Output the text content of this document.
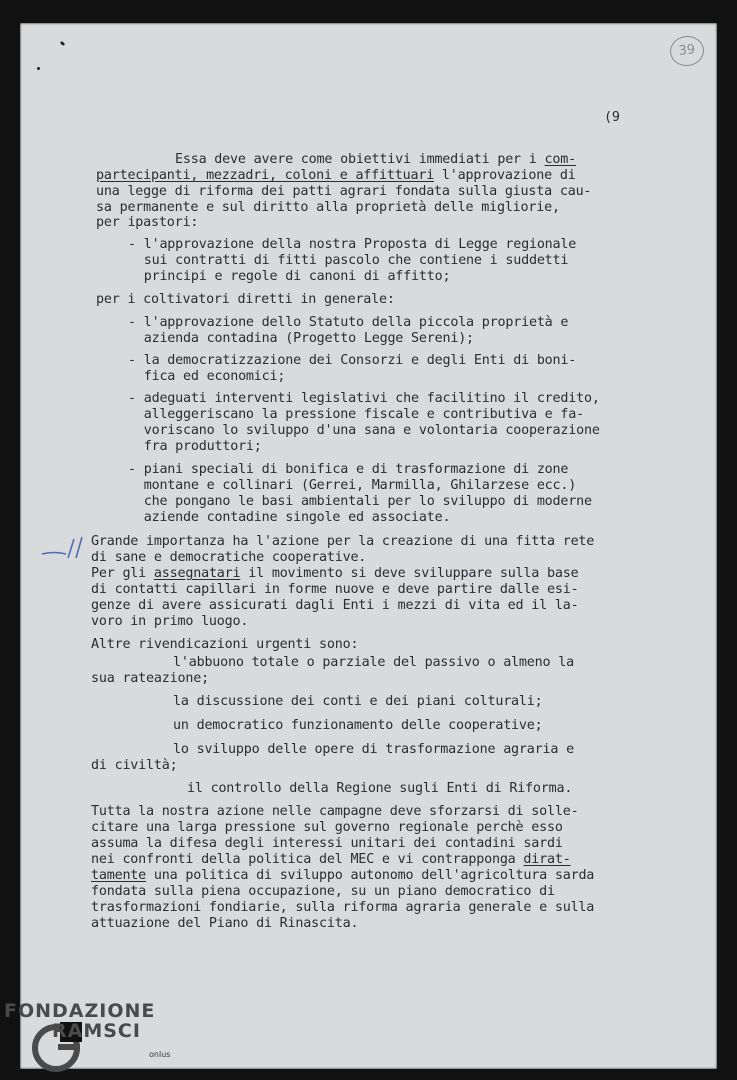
39
(9
Essa deve avere come obiettivi immediati per i com-
partecipanti, mezzadri, coloni e affittuari l'approvazione di
una legge di riforma dei patti agrari fondata sulla giusta cau-
sa permanente e sul diritto alla proprietà delle migliorie,
per ipastori:
- l'approvazione della nostra Proposta di Legge regionale
sui contratti di fitti pascolo che contiene i suddetti
principi e regole di canoni di affitto;
per i coltivatori diretti in generale:
- l'approvazione dello Statuto della piccola proprietà e
azienda contadina (Progetto Legge Sereni);
- la democratizzazione dei Consorzi e degli Enti di boni-
fica ed economici;
- adeguati interventi legislativi che facilitino il credito,
alleggeriscano la pressione fiscale e contributiva e fa-
voriscano lo sviluppo d'una sana e volontaria cooperazione
fra produttori;
- piani speciali di bonifica e di trasformazione di zone
montane e collinari (Gerrei, Marmilla, Ghilarzese ecc.)
che pongano le basi ambientali per lo sviluppo di moderne
aziende contadine singole ed associate.
Grande importanza ha l'azione per la creazione di una fitta rete
di sane e democratiche cooperative.
Per gli assegnatari il movimento si deve sviluppare sulla base
di contatti capillari in forme nuove e deve partire dalle esi-
genze di avere assicurati dagli Enti i mezzi di vita ed il la-
voro in primo luogo.
Altre rivendicazioni urgenti sono:
l'abbuono totale o parziale del passivo o almeno la
sua rateazione;
la discussione dei conti e dei piani colturali;
un democratico funzionamento delle cooperative;
lo sviluppo delle opere di trasformazione agraria e
di civiltà;
il controllo della Regione sugli Enti di Riforma.
Tutta la nostra azione nelle campagne deve sforzarsi di solle-
citare una larga pressione sul governo regionale perchè esso
assuma la difesa degli interessi unitari dei contadini sardi
nei confronti della politica del MEC e vi contrapponga dirat-
tamente una politica di sviluppo autonomo dell'agricoltura sarda
fondata sulla piena occupazione, su un piano democratico di
trasformazioni fondiarie, sulla riforma agraria generale e sulla
attuazione del Piano di Rinascita.
FONDAZIONE
RAMSCI
onlus
